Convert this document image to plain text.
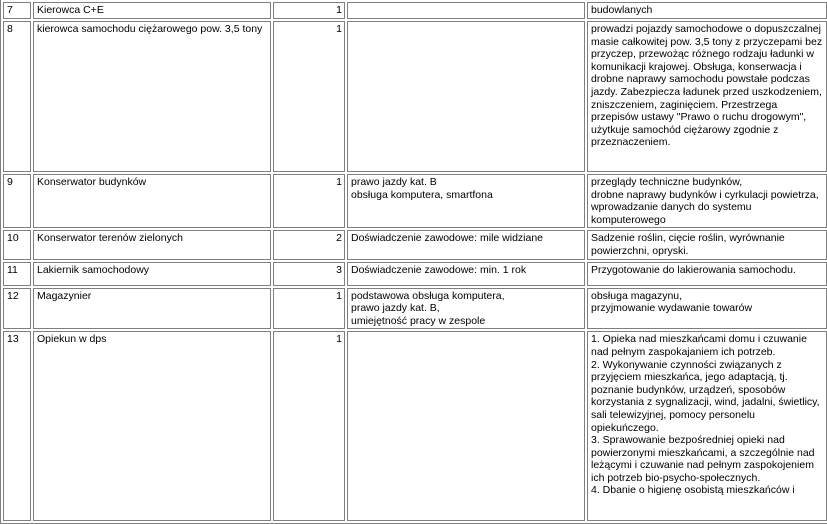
7	Kierowca C+E	1		budowlanych

8	kierowca samochodu ciężarowego pow. 3,5 tony	1		prowadzi pojazdy samochodowe o dopuszczalnej masie całkowitej pow. 3,5 tony z przyczepami bez przyczep, przewożąc różnego rodzaju ładunki w komunikacji krajowej. Obsługa, konserwacja i drobne naprawy samochodu powstałe podczas jazdy. Zabezpiecza ładunek przed uszkodzeniem, zniszczeniem, zaginięciem. Przestrzega przepisów ustawy "Prawo o ruchu drogowym", użytkuje samochód ciężarowy zgodnie z przeznaczeniem.

9	Konserwator budynków	1	prawo jazdy kat. B
obsługa komputera, smartfona	przeglądy techniczne budynków,
drobne naprawy budynków i cyrkulacji powietrza, wprowadzanie danych do systemu komputerowego

10	Konserwator terenów zielonych	2	Doświadczenie zawodowe: mile widziane	Sadzenie roślin, cięcie roślin, wyrównanie powierzchni, opryski.

11	Lakiernik samochodowy	3	Doświadczenie zawodowe: min. 1 rok	Przygotowanie do lakierowania samochodu.

12	Magazynier	1	podstawowa obsługa komputera,
prawo jazdy kat. B,
umiejętność pracy w zespole	obsługa magazynu,
przyjmowanie wydawanie towarów

13	Opiekun w dps	1		1. Opieka nad mieszkańcami domu i czuwanie nad pełnym zaspokajaniem ich potrzeb.
2. Wykonywanie czynności związanych z przyjęciem mieszkańca, jego adaptacją, tj. poznanie budynków, urządzeń, sposobów korzystania z sygnalizacji, wind, jadalni, świetlicy, sali telewizyjnej, pomocy personelu opiekuńczego.
3. Sprawowanie bezpośredniej opieki nad powierzonymi mieszkańcami, a szczególnie nad leżącymi i czuwanie nad pełnym zaspokojeniem ich potrzeb bio-psycho-społecznych.
4. Dbanie o higienę osobistą mieszkańców i
